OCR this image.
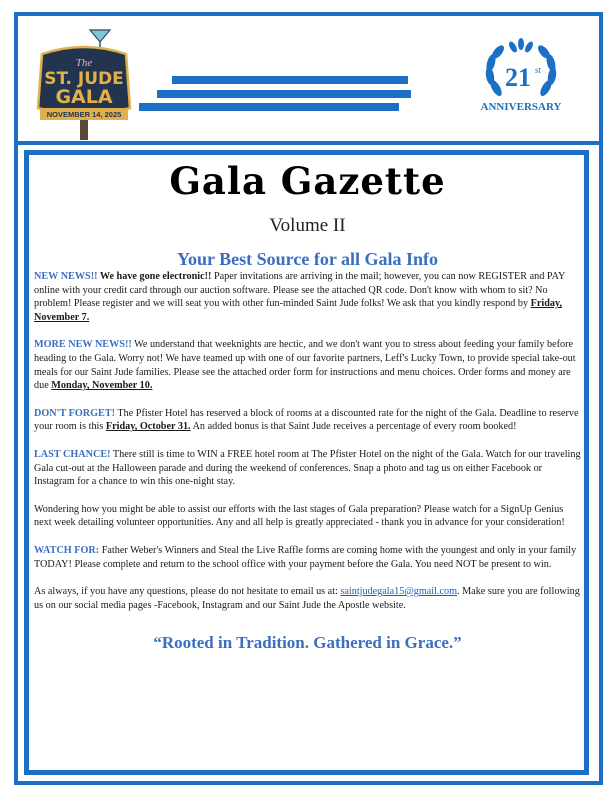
The
ST. JUDE
GALA
NOVEMBER 14, 2025
21 st
ANNIVERSARY
Gala Gazette
Volume II
Your Best Source for all Gala Info

NEW NEWS!! We have gone electronic!! Paper invitations are arriving in the mail; however, you can now REGISTER and PAY online with your credit card through our auction software. Please see the attached QR code. Don't know with whom to sit? No problem! Please register and we will seat you with other fun-minded Saint Jude folks! We ask that you kindly respond by Friday, November 7.

MORE NEW NEWS!! We understand that weeknights are hectic, and we don't want you to stress about feeding your family before heading to the Gala. Worry not! We have teamed up with one of our favorite partners, Leff's Lucky Town, to provide special take-out meals for our Saint Jude families. Please see the attached order form for instructions and menu choices. Order forms and money are due Monday, November 10.

DON'T FORGET! The Pfister Hotel has reserved a block of rooms at a discounted rate for the night of the Gala. Deadline to reserve your room is this Friday, October 31. An added bonus is that Saint Jude receives a percentage of every room booked!

LAST CHANCE! There still is time to WIN a FREE hotel room at The Pfister Hotel on the night of the Gala. Watch for our traveling Gala cut-out at the Halloween parade and during the weekend of conferences. Snap a photo and tag us on either Facebook or Instagram for a chance to win this one-night stay.

Wondering how you might be able to assist our efforts with the last stages of Gala preparation? Please watch for a SignUp Genius next week detailing volunteer opportunities. Any and all help is greatly appreciated - thank you in advance for your consideration!

WATCH FOR: Father Weber's Winners and Steal the Live Raffle forms are coming home with the youngest and only in your family TODAY! Please complete and return to the school office with your payment before the Gala. You need NOT be present to win.

As always, if you have any questions, please do not hesitate to email us at: saintjudegala15@gmail.com. Make sure you are following us on our social media pages -Facebook, Instagram and our Saint Jude the Apostle website.

“Rooted in Tradition. Gathered in Grace.”
